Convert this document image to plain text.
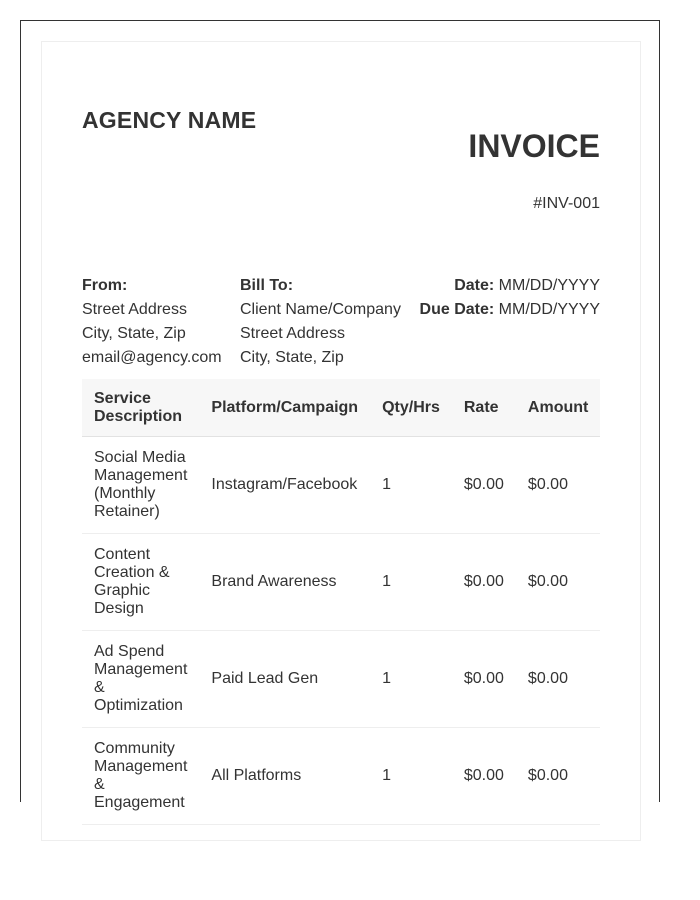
AGENCY NAME
INVOICE
#INV-001
From:
Street Address
City, State, Zip
email@agency.com
Bill To:
Client Name/Company
Street Address
City, State, Zip
Date: MM/DD/YYYY
Due Date: MM/DD/YYYY
Service Description	Platform/Campaign	Qty/Hrs	Rate	Amount
Social Media Management (Monthly Retainer)	Instagram/Facebook	1	$0.00	$0.00
Content Creation & Graphic Design	Brand Awareness	1	$0.00	$0.00
Ad Spend Management & Optimization	Paid Lead Gen	1	$0.00	$0.00
Community Management & Engagement	All Platforms	1	$0.00	$0.00
